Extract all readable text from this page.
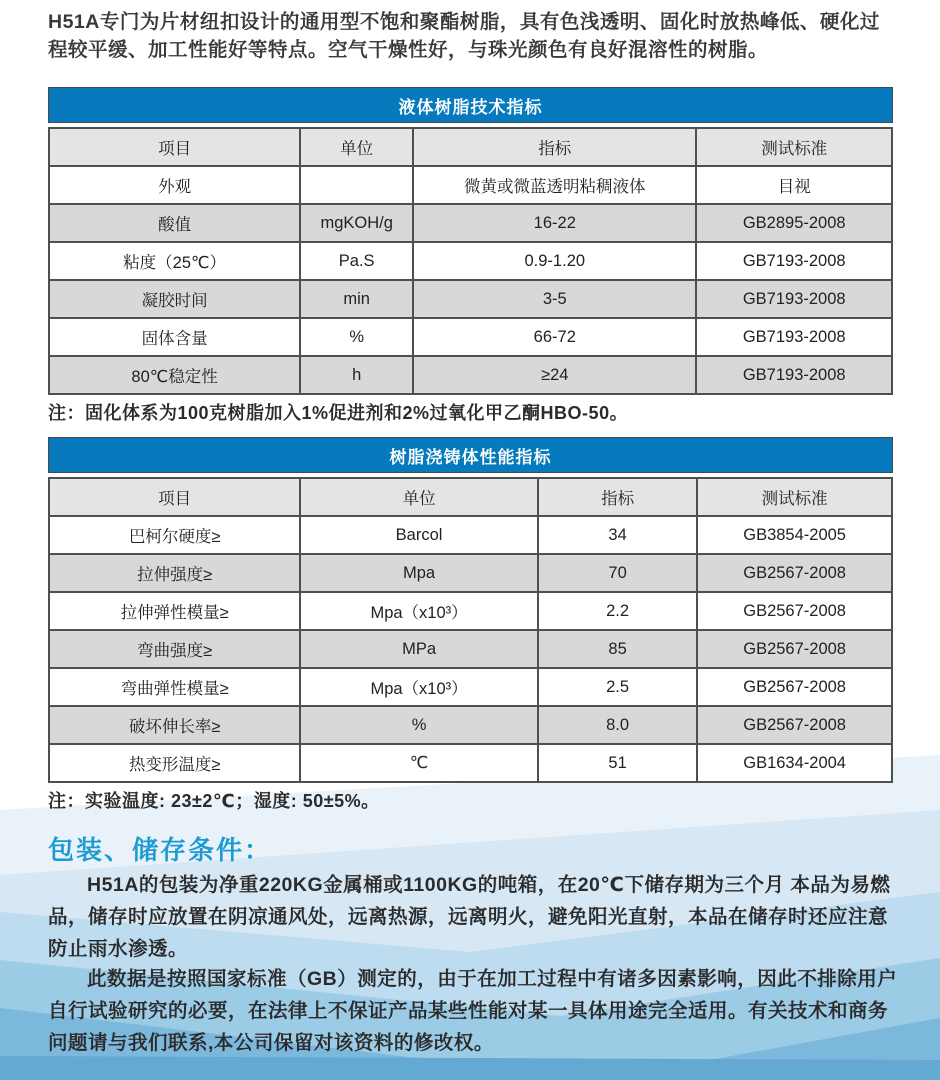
H51A专门为片材纽扣设计的通用型不饱和聚酯树脂，具有色浅透明、固化时放热峰低、硬化过程较平缓、加工性能好等特点。空气干燥性好，与珠光颜色有良好混溶性的树脂。

液体树脂技术指标
项目	单位	指标	测试标准
外观		微黄或微蓝透明粘稠液体	目视
酸值	mgKOH/g	16-22	GB2895-2008
粘度（25℃）	Pa.S	0.9-1.20	GB7193-2008
凝胶时间	min	3-5	GB7193-2008
固体含量	%	66-72	GB7193-2008
80℃稳定性	h	≥24	GB7193-2008

注：固化体系为100克树脂加入1%促进剂和2%过氧化甲乙酮HBO-50。

树脂浇铸体性能指标
项目	单位	指标	测试标准
巴柯尔硬度≥	Barcol	34	GB3854-2005
拉伸强度≥	Mpa	70	GB2567-2008
拉伸弹性模量≥	Mpa（x10³）	2.2	GB2567-2008
弯曲强度≥	MPa	85	GB2567-2008
弯曲弹性模量≥	Mpa（x10³）	2.5	GB2567-2008
破坏伸长率≥	%	8.0	GB2567-2008
热变形温度≥	℃	51	GB1634-2004

注：实验温度: 23±2℃；湿度: 50±5%。

包装、储存条件：

H51A的包装为净重220KG金属桶或1100KG的吨箱，在20℃下储存期为三个月 本品为易燃品，储存时应放置在阴凉通风处，远离热源，远离明火，避免阳光直射，本品在储存时还应注意防止雨水渗透。

此数据是按照国家标准（GB）测定的，由于在加工过程中有诸多因素影响，因此不排除用户自行试验研究的必要，在法律上不保证产品某些性能对某一具体用途完全适用。有关技术和商务问题请与我们联系,本公司保留对该资料的修改权。
